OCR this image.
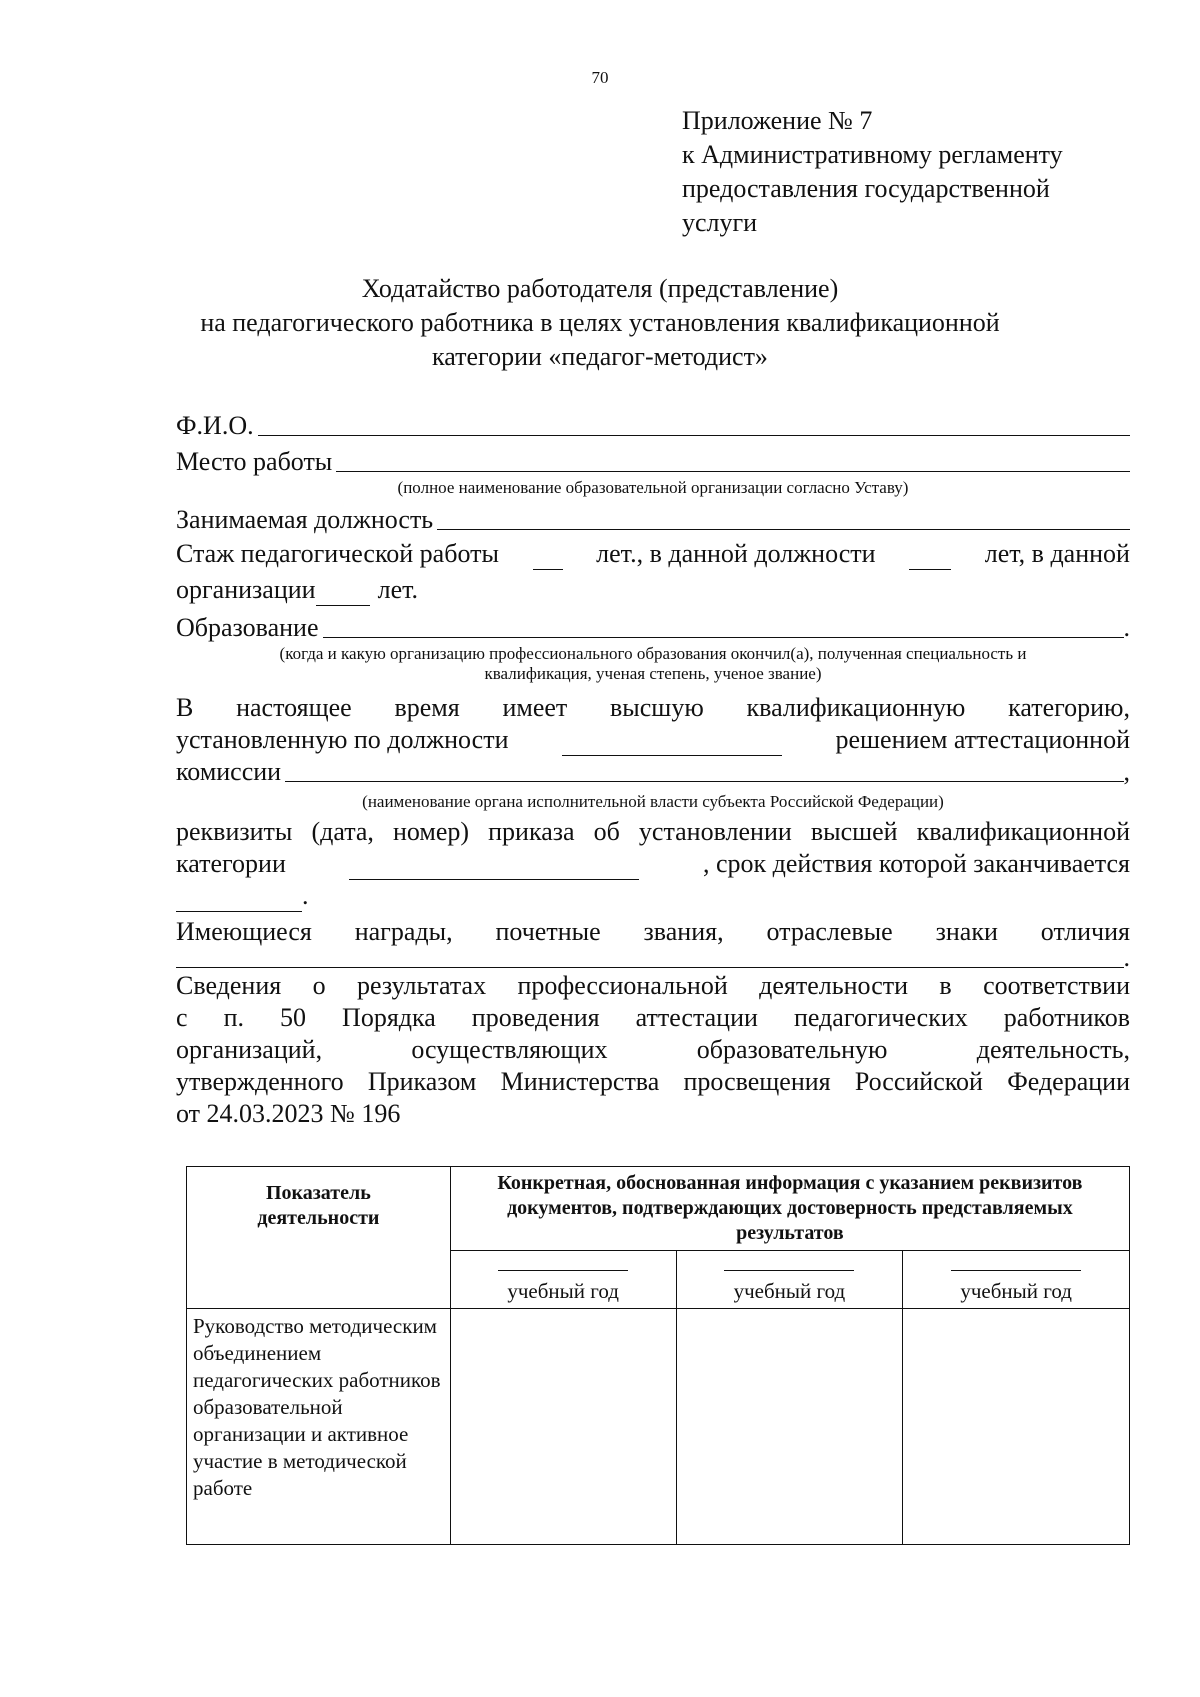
70
Приложение № 7
к Административному регламенту
предоставления государственной
услуги
Ходатайство работодателя (представление)
на педагогического работника в целях установления квалификационной
категории «педагог-методист»
Ф.И.О.
Место работы
(полное наименование образовательной организации согласно Уставу)
Занимаемая должность
Стаж педагогической работы	лет., в данной должности	лет, в данной
организации лет.
Образование	.
(когда и какую организацию профессионального образования окончил(а), полученная специальность и
квалификация, ученая степень, ученое звание)
В настоящее время имеет высшую квалификационную категорию,
установленную по должности	решением аттестационной
комиссии	,
(наименование органа исполнительной власти субъекта Российской Федерации)
реквизиты (дата, номер) приказа об установлении высшей квалификационной
категории	, срок действия которой заканчивается
.
Имеющиеся награды, почетные звания, отраслевые знаки отличия
.
Сведения о результатах профессиональной деятельности в соответствии
с п. 50 Порядка проведения аттестации педагогических работников
организаций, осуществляющих образовательную деятельность,
утвержденного Приказом Министерства просвещения Российской Федерации
от 24.03.2023 № 196
Показатель деятельности	Конкретная, обоснованная информация с указанием реквизитов документов, подтверждающих достоверность представляемых результатов		

учебный год	учебный год	учебный год
Руководство методическим объединением педагогических работников образовательной организации и активное участие в методической работе			
